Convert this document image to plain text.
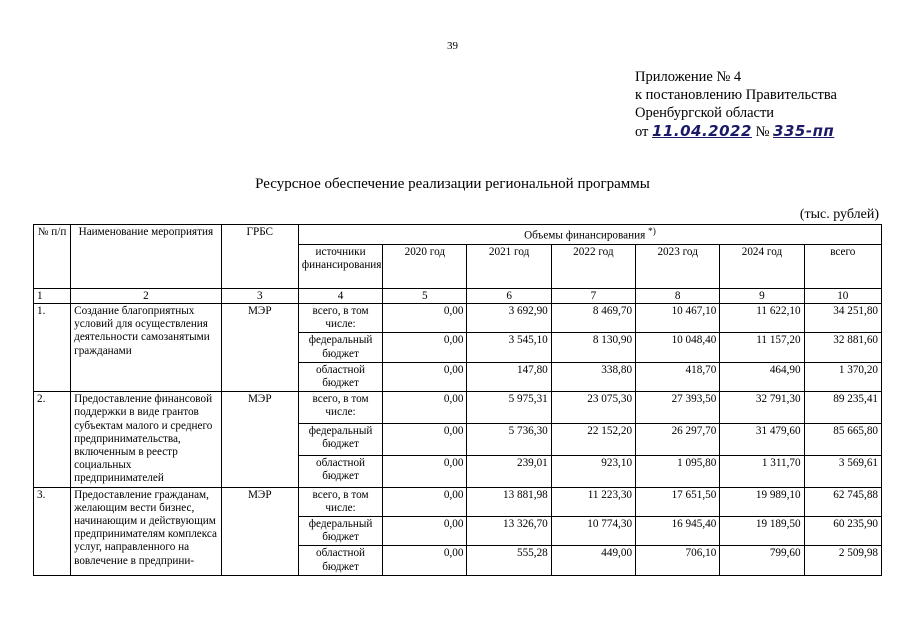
39
Приложение № 4
к постановлению Правительства
Оренбургской области
от 11.04.2022 № 335-пп
Ресурсное обеспечение реализации региональной программы
(тыс. рублей)
№ п/п	Наименование мероприятия	ГРБС	Объемы финансирования *)
			источники финансирования	2020 год	2021 год	2022 год	2023 год	2024 год	всего
1	2	3	4	5	6	7	8	9	10
1.	Создание благоприятных условий для осуществления деятельности самозанятыми гражданами	МЭР	всего, в том числе:	0,00	3 692,90	8 469,70	10 467,10	11 622,10	34 251,80
			федеральный бюджет	0,00	3 545,10	8 130,90	10 048,40	11 157,20	32 881,60
			областной бюджет	0,00	147,80	338,80	418,70	464,90	1 370,20
2.	Предоставление финансовой поддержки в виде грантов субъектам малого и среднего предпринимательства, включенным в реестр социальных предпринимателей	МЭР	всего, в том числе:	0,00	5 975,31	23 075,30	27 393,50	32 791,30	89 235,41
			федеральный бюджет	0,00	5 736,30	22 152,20	26 297,70	31 479,60	85 665,80
			областной бюджет	0,00	239,01	923,10	1 095,80	1 311,70	3 569,61
3.	Предоставление гражданам, желающим вести бизнес, начинающим и действующим предпринимателям комплекса услуг, направленного на вовлечение в предприни-	МЭР	всего, в том числе:	0,00	13 881,98	11 223,30	17 651,50	19 989,10	62 745,88
			федеральный бюджет	0,00	13 326,70	10 774,30	16 945,40	19 189,50	60 235,90
			областной бюджет	0,00	555,28	449,00	706,10	799,60	2 509,98
